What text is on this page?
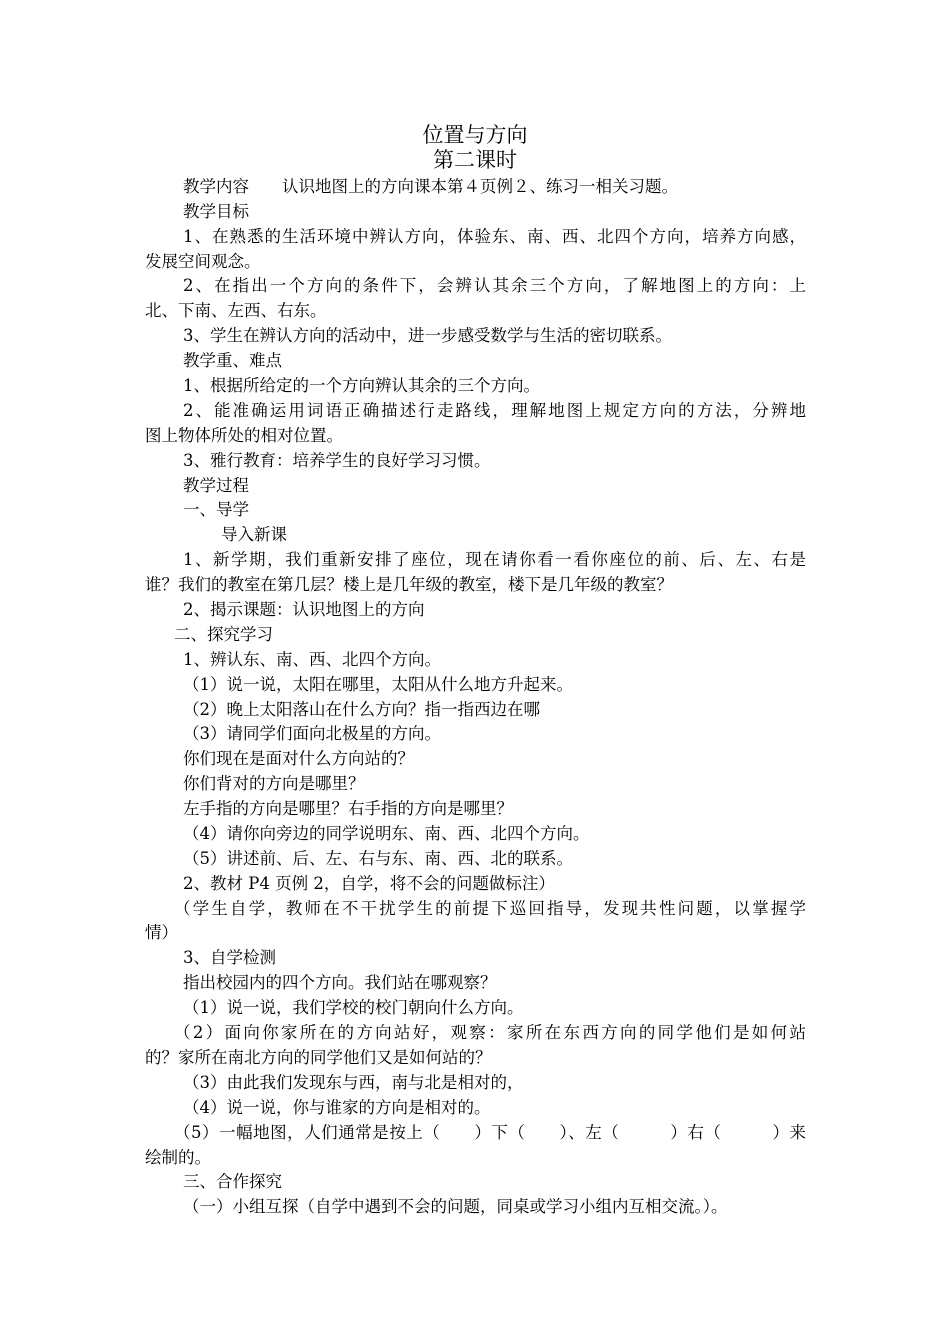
位置与方向
第二课时
教学内容　　认识地图上的方向课本第４页例２、练习一相关习题。
教学目标
1、在熟悉的生活环境中辨认方向，体验东、南、西、北四个方向，培养方向感，
发展空间观念。
2、在指出一个方向的条件下，会辨认其余三个方向，了解地图上的方向：上
北、下南、左西、右东。
3、学生在辨认方向的活动中，进一步感受数学与生活的密切联系。
教学重、难点
1、根据所给定的一个方向辨认其余的三个方向。
2、能准确运用词语正确描述行走路线，理解地图上规定方向的方法，分辨地
图上物体所处的相对位置。
3、雅行教育：培养学生的良好学习习惯。
教学过程
一、导学
导入新课
1、新学期，我们重新安排了座位，现在请你看一看你座位的前、后、左、右是
谁？我们的教室在第几层？楼上是几年级的教室，楼下是几年级的教室？
2、揭示课题：认识地图上的方向
二、探究学习
1、辨认东、南、西、北四个方向。
（1）说一说，太阳在哪里，太阳从什么地方升起来。
（2）晚上太阳落山在什么方向？指一指西边在哪
（3）请同学们面向北极星的方向。
你们现在是面对什么方向站的？
你们背对的方向是哪里？
左手指的方向是哪里？右手指的方向是哪里？
（4）请你向旁边的同学说明东、南、西、北四个方向。
（5）讲述前、后、左、右与东、南、西、北的联系。
2、教材 P4 页例 2，自学，将不会的问题做标注）
（学生自学，教师在不干扰学生的前提下巡回指导，发现共性问题，以掌握学
情）
3、自学检测
指出校园内的四个方向。我们站在哪观察？
（1）说一说，我们学校的校门朝向什么方向。
（2）面向你家所在的方向站好，观察：家所在东西方向的同学他们是如何站
的？家所在南北方向的同学他们又是如何站的？
（3）由此我们发现东与西，南与北是相对的，
（4）说一说，你与谁家的方向是相对的。
（5）一幅地图，人们通常是按上（　　）下（　　）、左（　　　）右（　　　）来
绘制的。
三、合作探究
（一）小组互探（自学中遇到不会的问题，同桌或学习小组内互相交流。）。
